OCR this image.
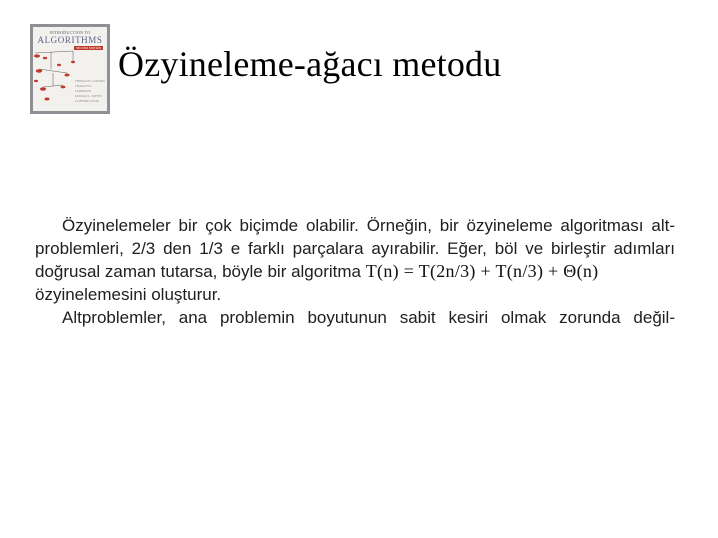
INTRODUCTION TO
ALGORITHMS
SECOND EDITION
THOMAS H. CORMEN
CHARLES E. LEISERSON
RONALD L. RIVEST
CLIFFORD STEIN
Özyineleme-ağacı metodu
Özyinelemeler bir çok biçimde olabilir. Örneğin, bir özyineleme algoritması alt-
problemleri, 2/3 den 1/3 e farklı parçalara ayırabilir. Eğer, böl ve birleştir adımları
doğrusal zaman tutarsa, böyle bir algoritma T(n) = T(2n/3) + T(n/3) + Θ(n)
özyinelemesini oluşturur.
Altproblemler, ana problemin boyutunun sabit kesiri olmak zorunda değil-
